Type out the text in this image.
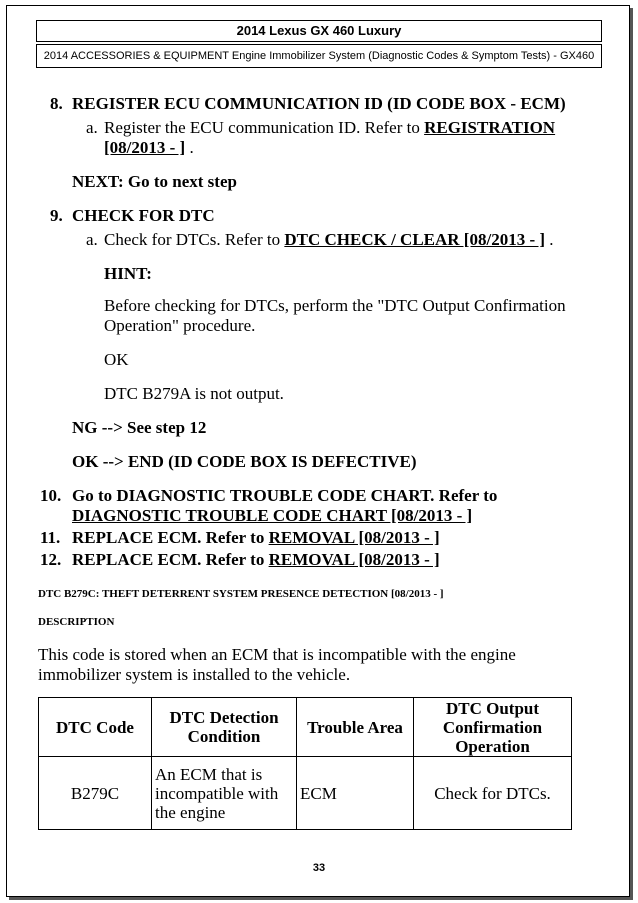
2014 Lexus GX 460 Luxury
2014 ACCESSORIES & EQUIPMENT Engine Immobilizer System (Diagnostic Codes & Symptom Tests) - GX460
8. REGISTER ECU COMMUNICATION ID (ID CODE BOX - ECM)
a. Register the ECU communication ID. Refer to REGISTRATION
[08/2013 - ] .
NEXT: Go to next step
9. CHECK FOR DTC
a. Check for DTCs. Refer to DTC CHECK / CLEAR [08/2013 - ] .
HINT:
Before checking for DTCs, perform the "DTC Output Confirmation
Operation" procedure.
OK
DTC B279A is not output.
NG --> See step 12
OK --> END (ID CODE BOX IS DEFECTIVE)
10. Go to DIAGNOSTIC TROUBLE CODE CHART. Refer to
DIAGNOSTIC TROUBLE CODE CHART [08/2013 - ]
11. REPLACE ECM. Refer to REMOVAL [08/2013 - ]
12. REPLACE ECM. Refer to REMOVAL [08/2013 - ]
DTC B279C: THEFT DETERRENT SYSTEM PRESENCE DETECTION [08/2013 - ]
DESCRIPTION
This code is stored when an ECM that is incompatible with the engine
immobilizer system is installed to the vehicle.
DTC Code	DTC Detection Condition	Trouble Area	DTC Output Confirmation Operation
B279C	An ECM that is incompatible with the engine	ECM	Check for DTCs.
33
